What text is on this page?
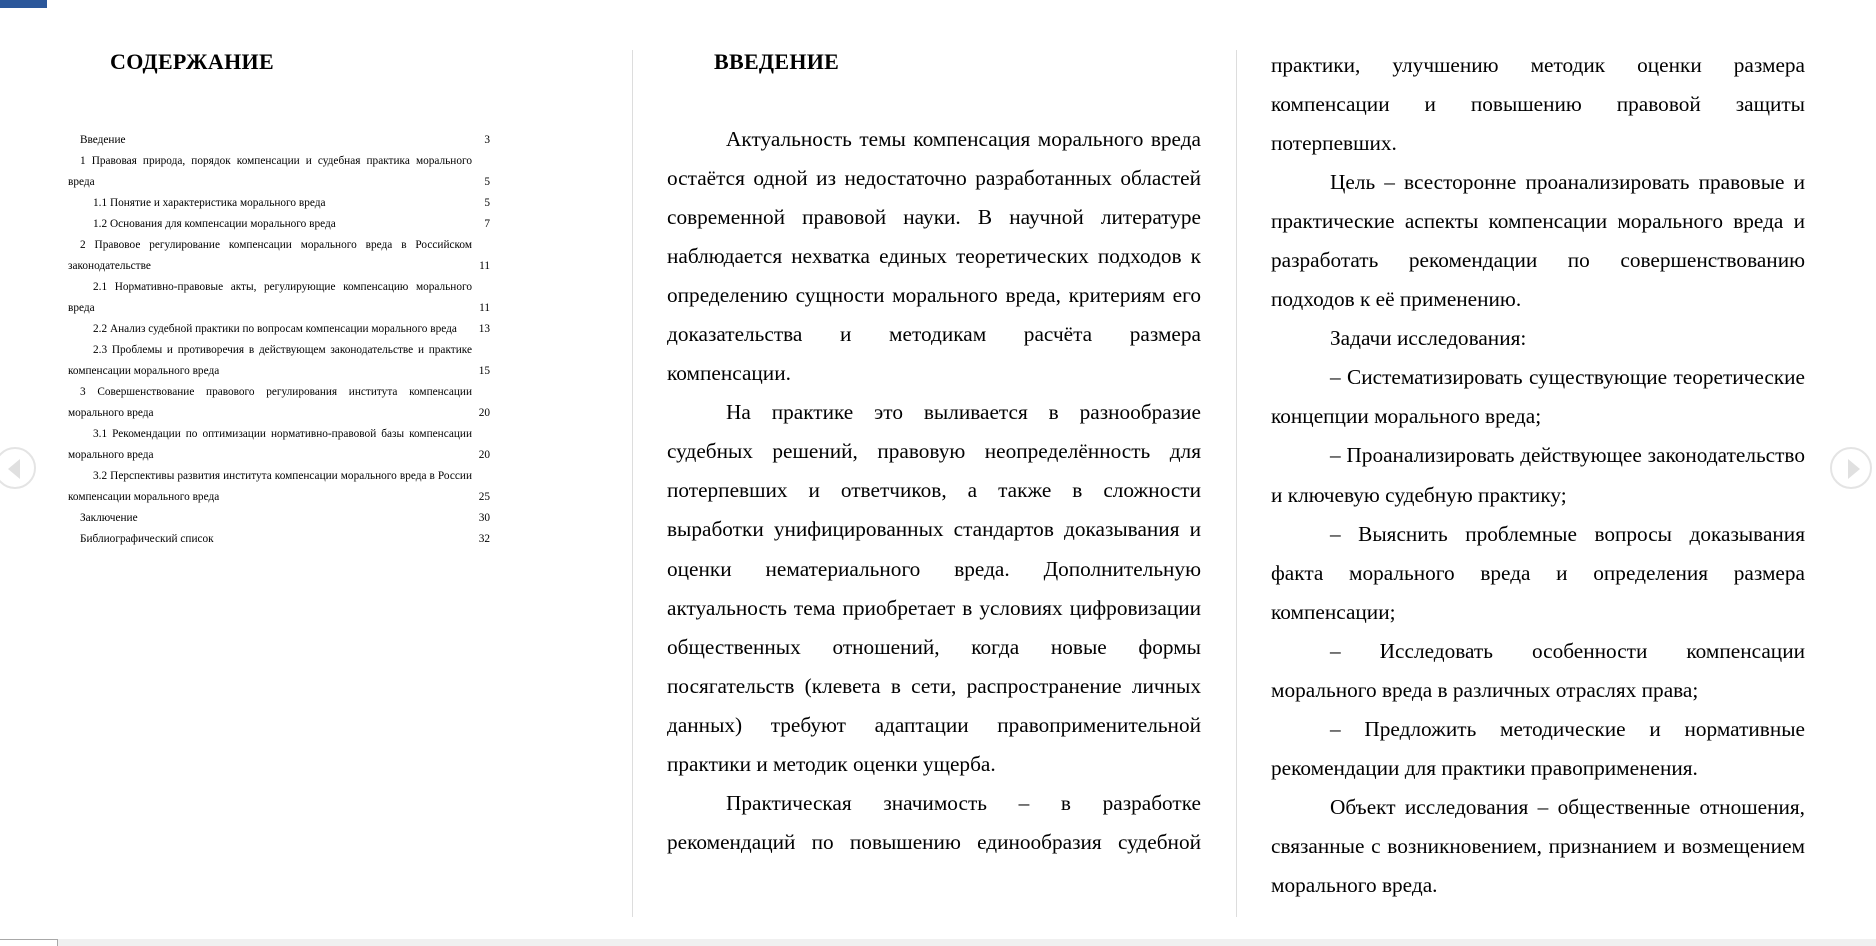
СОДЕРЖАНИЕ
Введение	3
1 Правовая природа, порядок компенсации и судебная практика морального вреда	5
1.1 Понятие и характеристика морального вреда	5
1.2 Основания для компенсации морального вреда	7
2 Правовое регулирование компенсации морального вреда в Российском законодательстве	11
2.1 Нормативно-правовые акты, регулирующие компенсацию морального вреда	11
2.2 Анализ судебной практики по вопросам компенсации морального вреда	13
2.3 Проблемы и противоречия в действующем законодательстве и практике компенсации морального вреда	15
3 Совершенствование правового регулирования института компенсации морального вреда	20
3.1 Рекомендации по оптимизации нормативно-правовой базы компенсации морального вреда	20
3.2 Перспективы развития института компенсации морального вреда в России компенсации морального вреда	25
Заключение	30
Библиографический список	32
ВВЕДЕНИЕ

Актуальность темы компенсация морального вреда остаётся одной из недостаточно разработанных областей современной правовой науки. В научной литературе наблюдается нехватка единых теоретических подходов к определению сущности морального вреда, критериям его доказательства и методикам расчёта размера компенсации.

На практике это выливается в разнообразие судебных решений, правовую неопределённость для потерпевших и ответчиков, а также в сложности выработки унифицированных стандартов доказывания и оценки нематериального вреда. Дополнительную актуальность тема приобретает в условиях цифровизации общественных отношений, когда новые формы посягательств (клевета в сети, распространение личных данных) требуют адаптации правоприменительной практики и методик оценки ущерба.

Практическая значимость – в разработке рекомендаций по повышению единообразия судебной

практики, улучшению методик оценки размера компенсации и повышению правовой защиты потерпевших.

Цель – всесторонне проанализировать правовые и практические аспекты компенсации морального вреда и разработать рекомендации по совершенствованию подходов к её применению.

Задачи исследования:

– Систематизировать существующие теоретические концепции морального вреда;

– Проанализировать действующее законодательство и ключевую судебную практику;

– Выяснить проблемные вопросы доказывания факта морального вреда и определения размера компенсации;

– Исследовать особенности компенсации морального вреда в различных отраслях права;

– Предложить методические и нормативные рекомендации для практики правоприменения.

Объект исследования – общественные отношения, связанные с возникновением, признанием и возмещением морального вреда.
